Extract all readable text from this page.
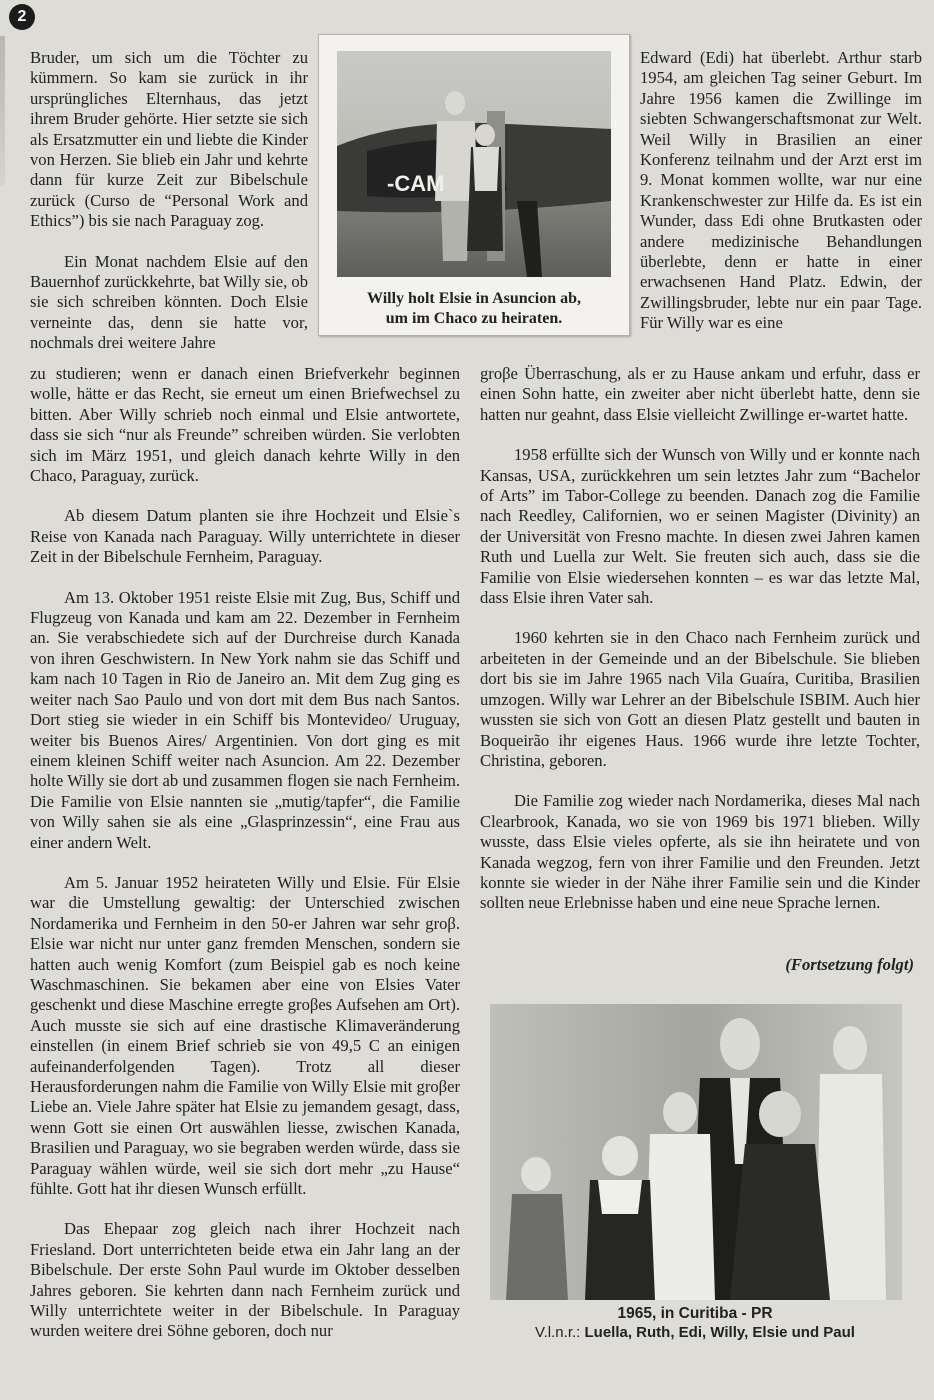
2

Bruder, um sich um die Töchter zu kümmern. So kam sie zurück in ihr ursprüngliches Elternhaus, das jetzt ihrem Bruder gehörte. Hier setzte sie sich als Ersatzmutter ein und liebte die Kinder von Herzen. Sie blieb ein Jahr und kehrte dann für kurze Zeit zur Bibelschule zurück (Curso de “Personal Work and Ethics”) bis sie nach Paraguay zog.

Ein Monat nachdem Elsie auf den Bauernhof zurückkehrte, bat Willy sie, ob sie sich schreiben könnten. Doch Elsie verneinte das, denn sie hatte vor, nochmals drei weitere Jahre

-CAM
Willy holt Elsie in Asuncion ab,
um im Chaco zu heiraten.

zu studieren; wenn er danach einen Briefverkehr beginnen wolle, hätte er das Recht, sie erneut um einen Briefwechsel zu bitten. Aber Willy schrieb noch einmal und Elsie antwortete, dass sie sich “nur als Freunde” schreiben würden. Sie verlobten sich im März 1951, und gleich danach kehrte Willy in den Chaco, Paraguay, zurück.

Ab diesem Datum planten sie ihre Hochzeit und Elsie`s Reise von Kanada nach Paraguay. Willy unterrichtete in dieser Zeit in der Bibelschule Fernheim, Paraguay.

Am 13. Oktober 1951 reiste Elsie mit Zug, Bus, Schiff und Flugzeug von Kanada und kam am 22. Dezember in Fernheim an. Sie verabschiedete sich auf der Durchreise durch Kanada von ihren Geschwistern. In New York nahm sie das Schiff und kam nach 10 Tagen in Rio de Janeiro an. Mit dem Zug ging es weiter nach Sao Paulo und von dort mit dem Bus nach Santos. Dort stieg sie wieder in ein Schiff bis Montevideo/ Uruguay, weiter bis Buenos Aires/ Argentinien. Von dort ging es mit einem kleinen Schiff weiter nach Asuncion. Am 22. Dezember holte Willy sie dort ab und zusammen flogen sie nach Fernheim. Die Familie von Elsie nannten sie „mutig/tapfer“, die Familie von Willy sahen sie als eine „Glasprinzessin“, eine Frau aus einer andern Welt.

Am 5. Januar 1952 heirateten Willy und Elsie. Für Elsie war die Umstellung gewaltig: der Unterschied zwischen Nordamerika und Fernheim in den 50-er Jahren war sehr groβ. Elsie war nicht nur unter ganz fremden Menschen, sondern sie hatten auch wenig Komfort (zum Beispiel gab es noch keine Waschmaschinen. Sie bekamen aber eine von Elsies Vater geschenkt und diese Maschine erregte groβes Aufsehen am Ort). Auch musste sie sich auf eine drastische Klimaveränderung einstellen (in einem Brief schrieb sie von 49,5 C an einigen aufeinanderfolgenden Tagen). Trotz all dieser Herausforderungen nahm die Familie von Willy Elsie mit groβer Liebe an. Viele Jahre später hat Elsie zu jemandem gesagt, dass, wenn Gott sie einen Ort auswählen liesse, zwischen Kanada, Brasilien und Paraguay, wo sie begraben werden würde, dass sie Paraguay wählen würde, weil sie sich dort mehr „zu Hause“ fühlte. Gott hat ihr diesen Wunsch erfüllt.

Das Ehepaar zog gleich nach ihrer Hochzeit nach Friesland. Dort unterrichteten beide etwa ein Jahr lang an der Bibelschule. Der erste Sohn Paul wurde im Oktober desselben Jahres geboren. Sie kehrten dann nach Fernheim zurück und Willy unterrichtete weiter in der Bibelschule. In Paraguay wurden weitere drei Söhne geboren, doch nur

Edward (Edi) hat überlebt. Arthur starb 1954, am gleichen Tag seiner Geburt. Im Jahre 1956 kamen die Zwillinge im siebten Schwangerschaftsmonat zur Welt. Weil Willy in Brasilien an einer Konferenz teilnahm und der Arzt erst im 9. Monat kommen wollte, war nur eine Krankenschwester zur Hilfe da. Es ist ein Wunder, dass Edi ohne Brutkasten oder andere medizinische Behandlungen überlebte, denn er hatte in einer erwachsenen Hand Platz. Edwin, der Zwillingsbruder, lebte nur ein paar Tage. Für Willy war es eine

groβe Überraschung, als er zu Hause ankam und erfuhr, dass er einen Sohn hatte, ein zweiter aber nicht überlebt hatte, denn sie hatten nur geahnt, dass Elsie vielleicht Zwillinge er-wartet hatte.

1958 erfüllte sich der Wunsch von Willy und er konnte nach Kansas, USA, zurückkehren um sein letztes Jahr zum “Bachelor of Arts” im Tabor-College zu beenden. Danach zog die Familie nach Reedley, Californien, wo er seinen Magister (Divinity) an der Universität von Fresno machte. In diesen zwei Jahren kamen Ruth und Luella zur Welt. Sie freuten sich auch, dass sie die Familie von Elsie wiedersehen konnten – es war das letzte Mal, dass Elsie ihren Vater sah.

1960 kehrten sie in den Chaco nach Fernheim zurück und arbeiteten in der Gemeinde und an der Bibelschule. Sie blieben dort bis sie im Jahre 1965 nach Vila Guaíra, Curitiba, Brasilien umzogen. Willy war Lehrer an der Bibelschule ISBIM. Auch hier wussten sie sich von Gott an diesen Platz gestellt und bauten in Boqueirão ihr eigenes Haus. 1966 wurde ihre letzte Tochter, Christina, geboren.

Die Familie zog wieder nach Nordamerika, dieses Mal nach Clearbrook, Kanada, wo sie von 1969 bis 1971 blieben. Willy wusste, dass Elsie vieles opferte, als sie ihn heiratete und von Kanada wegzog, fern von ihrer Familie und den Freunden. Jetzt konnte sie wieder in der Nähe ihrer Familie sein und die Kinder sollten neue Erlebnisse haben und eine neue Sprache lernen.

(Fortsetzung folgt)
1965, in Curitiba - PR
V.l.n.r.: Luella, Ruth, Edi, Willy, Elsie und Paul
